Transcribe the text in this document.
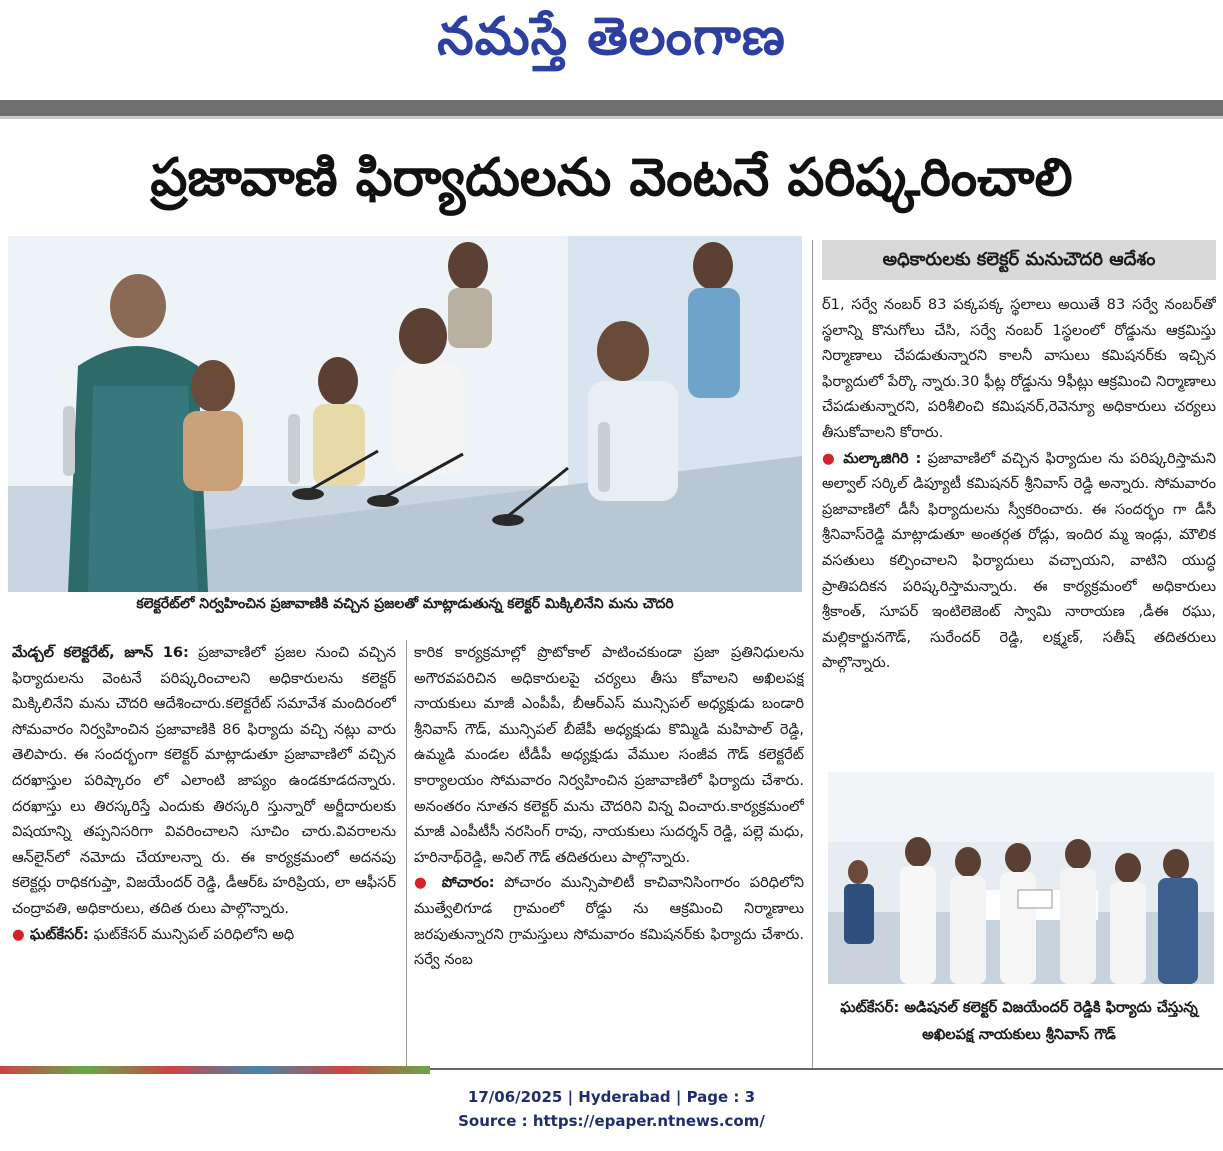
నమస్తే తెలంగాణ
ప్రజావాణి ఫిర్యాదులను వెంటనే పరిష్కరించాలి
కలెక్టరేట్‌లో నిర్వహించిన ప్రజావాణికి వచ్చిన ప్రజలతో మాట్లాడుతున్న కలెక్టర్ మిక్కిలినేని మను చౌదరి
అధికారులకు కలెక్టర్ మనుచౌదరి ఆదేశం

ర్1, సర్వే నంబర్ 83 పక్కపక్క స్థలాలు అయితే 83 సర్వే నంబర్‌తో స్థలాన్ని కొనుగోలు చేసి, సర్వే నంబర్ 1స్థలంలో రోడ్డును ఆక్రమిస్తు నిర్మాణాలు చేపడుతున్నారని కాలనీ వాసులు కమిషనర్‌కు ఇచ్చిన ఫిర్యాదులో పేర్కొ న్నారు.30 ఫీట్ల రోడ్డును 9ఫీట్లు ఆక్రమించి నిర్మాణాలు చేపడుతున్నారని, పరిశీలించి కమిషనర్,రెవెన్యూ అధికారులు చర్యలు తీసుకోవాలని కోరారు.

● మల్కాజిగిరి : ప్రజావాణిలో వచ్చిన ఫిర్యాదుల ను పరిష్కరిస్తామని అల్వాల్ సర్కిల్ డిప్యూటీ కమిషనర్ శ్రీనివాస్ రెడ్డి అన్నారు. సోమవారం ప్రజావాణిలో డీసీ ఫిర్యాదులను స్వీకరించారు. ఈ సందర్భం గా డీసీ శ్రీనివాస్‌రెడ్డి మాట్లాడుతూ అంతర్గత రోడ్లు, ఇందిర మ్మ ఇండ్లు, మౌలిక వసతులు కల్పించాలని ఫిర్యాదులు వచ్చాయని, వాటిని యుద్ధ ప్రాతిపదికన పరిష్కరిస్తామన్నారు. ఈ కార్యక్రమంలో అధికారులు శ్రీకాంత్, సూపర్ ఇంటిలెజెంట్ స్వామి నారాయణ ,డీఈ రఘు, మల్లికార్జునగౌడ్, సురేందర్ రెడ్డి, లక్ష్మణ్, సతీష్ తదితరులు పాల్గొన్నారు.

మేడ్చల్ కలెక్టరేట్, జూన్ 16: ప్రజావాణిలో ప్రజల నుంచి వచ్చిన ఫిర్యాదులను వెంటనే పరిష్కరించాలని అధికారులను కలెక్టర్ మిక్కిలినేని మను చౌదరి ఆదేశించారు.కలెక్టరేట్ సమావేశ మందిరంలో సోమవారం నిర్వహించిన ప్రజావాణికి 86 ఫిర్యాదు వచ్చి నట్లు వారు తెలిపారు. ఈ సందర్భంగా కలెక్టర్ మాట్లాడుతూ ప్రజావాణిలో వచ్చిన దరఖాస్తుల పరిష్కారం లో ఎలాంటి జాప్యం ఉండకూడదన్నారు. దరఖాస్తు లు తిరస్కరిస్తే ఎందుకు తిరస్కరి స్తున్నారో అర్జీదారులకు విషయాన్ని తప్పనిసరిగా వివరించాలని సూచిం చారు.వివరాలను ఆన్‌లైన్‌లో నమోదు చేయాలన్నా రు. ఈ కార్యక్రమంలో అదనపు కలెక్టర్లు రాధికగుప్తా, విజయేందర్ రెడ్డి, డీఆర్ఓ హరిప్రియ, లా ఆఫీసర్ చంద్రావతి, అధికారులు, తదిత రులు పాల్గొన్నారు.

● ఘట్‌కేసర్: ఘట్‌కేసర్ మున్సిపల్ పరిధిలోని అధి

కారిక కార్యక్రమాల్లో ప్రొటోకాల్ పాటించకుండా ప్రజా ప్రతినిధులను అగౌరవపరిచిన అధికారులపై చర్యలు తీసు కోవాలని అఖిలపక్ష నాయకులు మాజీ ఎంపీపీ, బీఆర్ఎస్ మున్సిపల్ అధ్యక్షుడు బండారి శ్రీనివాస్ గౌడ్, మున్సిపల్ బీజేపీ అధ్యక్షుడు కొమ్మిడి మహిపాల్ రెడ్డి, ఉమ్మడి మండల టీడీపీ అధ్యక్షుడు వేముల సంజీవ గౌడ్ కలెక్టరేట్ కార్యాలయం సోమవారం నిర్వహించిన ప్రజావాణిలో ఫిర్యాదు చేశారు. అనంతరం నూతన కలెక్టర్ మను చౌదరిని విన్న వించారు.కార్యక్రమంలో మాజీ ఎంపీటీసీ నరసింగ్ రావు, నాయకులు సుదర్శన్ రెడ్డి, పల్లె మధు, హరినాథ్‌రెడ్డి, అనిల్ గౌడ్ తదితరులు పాల్గొన్నారు.

● పోచారం: పోచారం మున్సిపాలిటీ కాచివానిసింగారం పరిధిలోని ముత్వేలిగూడ గ్రామంలో రోడ్డు ను ఆక్రమించి నిర్మాణాలు జరపుతున్నారని గ్రామస్తులు సోమవారం కమిషనర్‌కు ఫిర్యాదు చేశారు. సర్వే నంబ

ఘట్‌కేసర్: అడిషనల్ కలెక్టర్ విజయేందర్ రెడ్డికి ఫిర్యాదు చేస్తున్న అఖిలపక్ష నాయకులు శ్రీనివాస్ గౌడ్
17/06/2025 | Hyderabad | Page : 3
Source : https://epaper.ntnews.com/
